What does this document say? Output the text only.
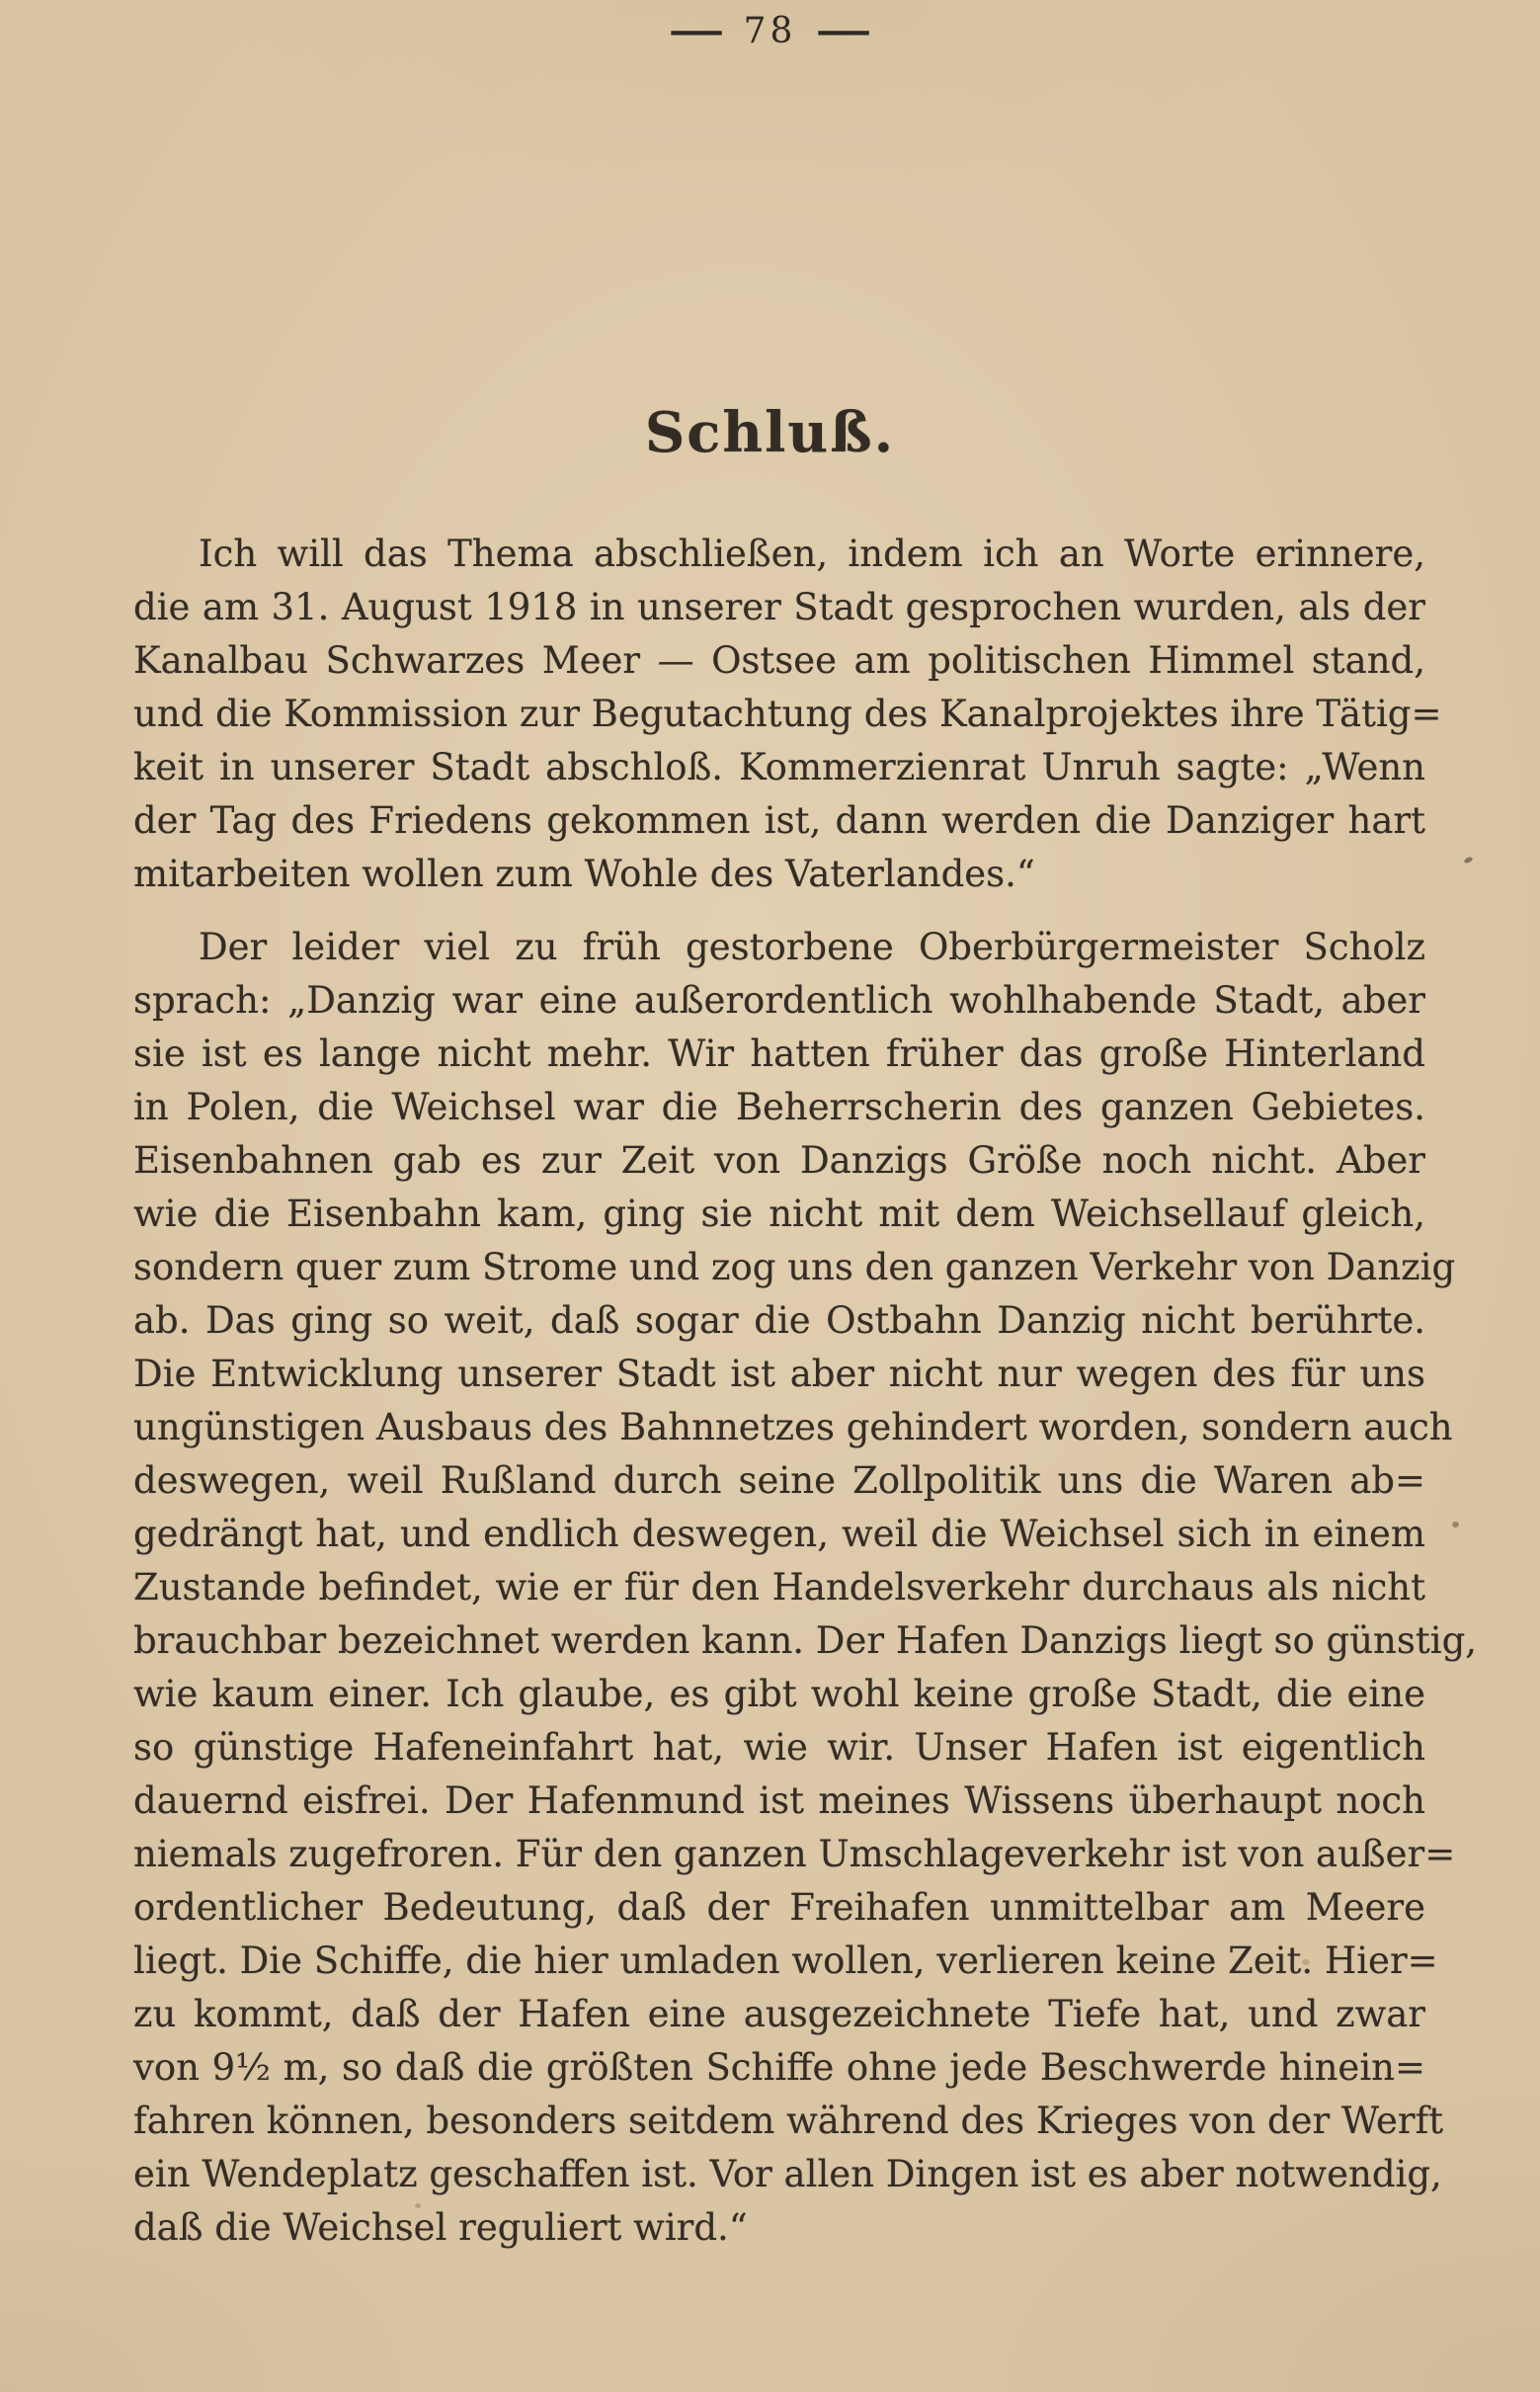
— 78 —
Schluß.

Ich will das Thema abschließen, indem ich an Worte erinnere,
die am 31. August 1918 in unserer Stadt gesprochen wurden, als der
Kanalbau Schwarzes Meer — Ostsee am politischen Himmel stand,
und die Kommission zur Begutachtung des Kanalprojektes ihre Tätig=
keit in unserer Stadt abschloß. Kommerzienrat Unruh sagte: „Wenn
der Tag des Friedens gekommen ist, dann werden die Danziger hart
mitarbeiten wollen zum Wohle des Vaterlandes.“

Der leider viel zu früh gestorbene Oberbürgermeister Scholz
sprach: „Danzig war eine außerordentlich wohlhabende Stadt, aber
sie ist es lange nicht mehr. Wir hatten früher das große Hinterland
in Polen, die Weichsel war die Beherrscherin des ganzen Gebietes.
Eisenbahnen gab es zur Zeit von Danzigs Größe noch nicht. Aber
wie die Eisenbahn kam, ging sie nicht mit dem Weichsellauf gleich,
sondern quer zum Strome und zog uns den ganzen Verkehr von Danzig
ab. Das ging so weit, daß sogar die Ostbahn Danzig nicht berührte.
Die Entwicklung unserer Stadt ist aber nicht nur wegen des für uns
ungünstigen Ausbaus des Bahnnetzes gehindert worden, sondern auch
deswegen, weil Rußland durch seine Zollpolitik uns die Waren ab=
gedrängt hat, und endlich deswegen, weil die Weichsel sich in einem
Zustande befindet, wie er für den Handelsverkehr durchaus als nicht
brauchbar bezeichnet werden kann. Der Hafen Danzigs liegt so günstig,
wie kaum einer. Ich glaube, es gibt wohl keine große Stadt, die eine
so günstige Hafeneinfahrt hat, wie wir. Unser Hafen ist eigentlich
dauernd eisfrei. Der Hafenmund ist meines Wissens überhaupt noch
niemals zugefroren. Für den ganzen Umschlageverkehr ist von außer=
ordentlicher Bedeutung, daß der Freihafen unmittelbar am Meere
liegt. Die Schiffe, die hier umladen wollen, verlieren keine Zeit. Hier=
zu kommt, daß der Hafen eine ausgezeichnete Tiefe hat, und zwar
von 9½ m, so daß die größten Schiffe ohne jede Beschwerde hinein=
fahren können, besonders seitdem während des Krieges von der Werft
ein Wendeplatz geschaffen ist. Vor allen Dingen ist es aber notwendig,
daß die Weichsel reguliert wird.“
